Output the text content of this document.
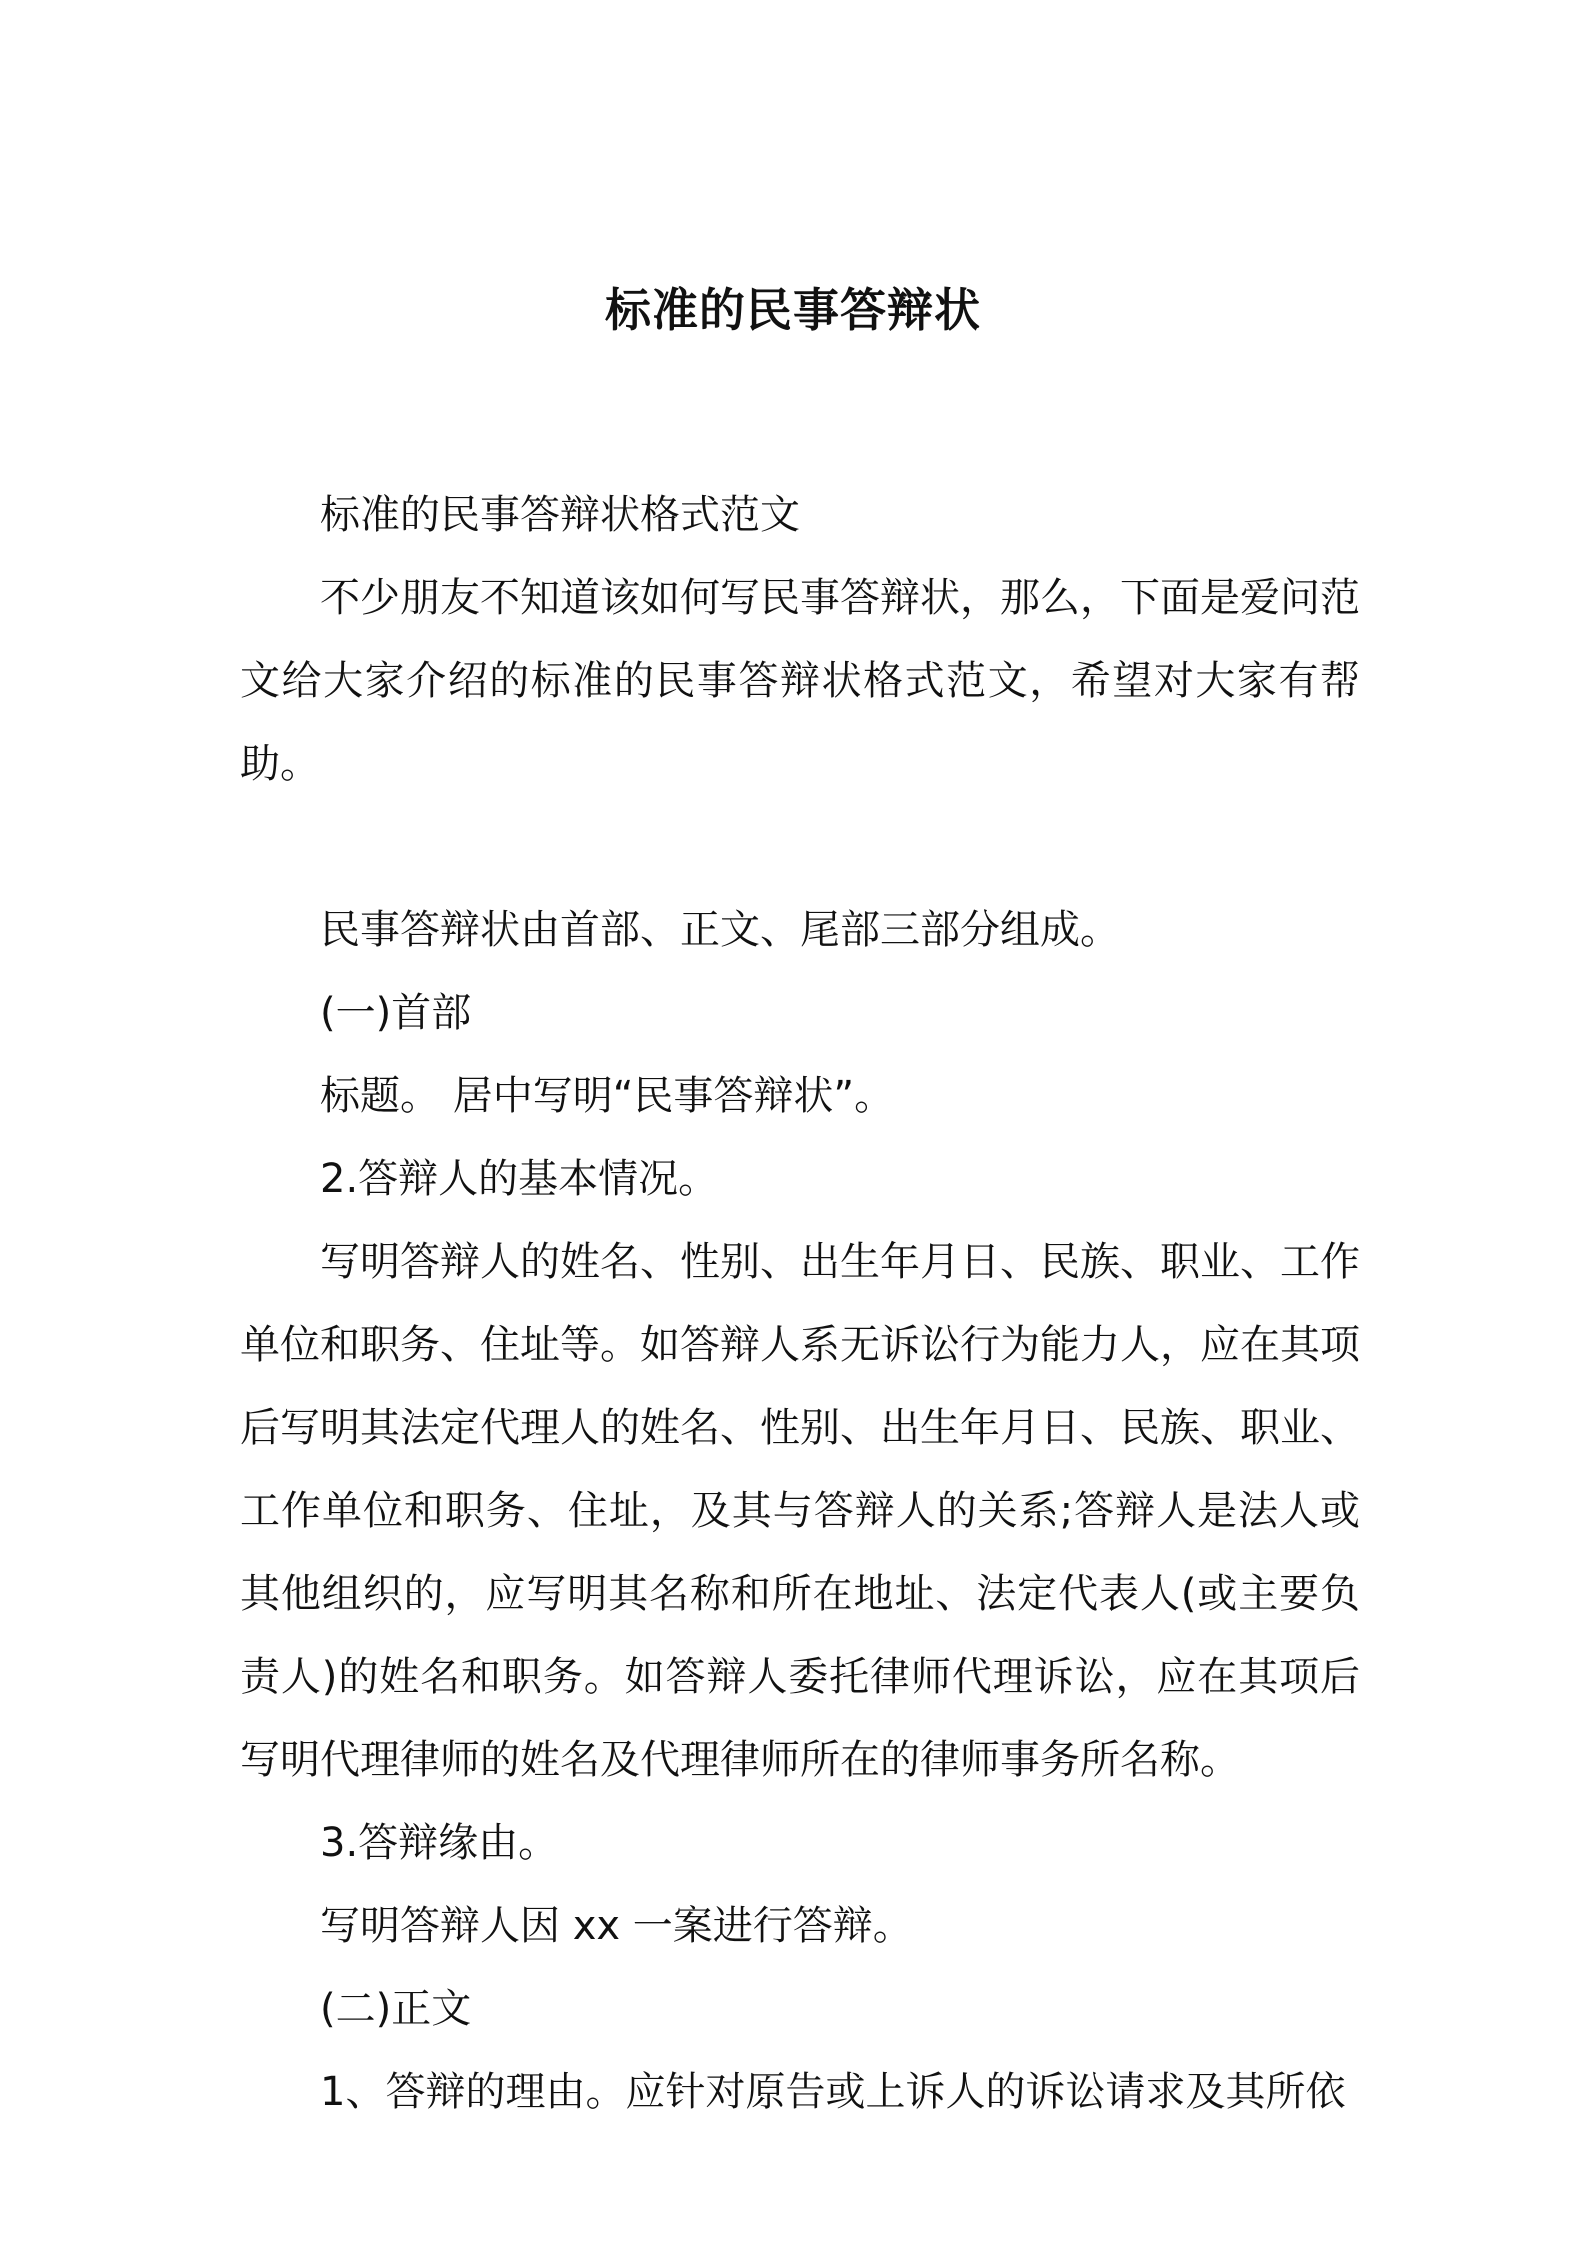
标准的民事答辩状

标准的民事答辩状格式范文

不少朋友不知道该如何写民事答辩状，那么，下面是爱问范文给大家介绍的标准的民事答辩状格式范文，希望对大家有帮助。

民事答辩状由首部、正文、尾部三部分组成。

(一)首部

标题。 居中写明“民事答辩状”。

2.答辩人的基本情况。

写明答辩人的姓名、性别、出生年月日、民族、职业、工作单位和职务、住址等。如答辩人系无诉讼行为能力人，应在其项后写明其法定代理人的姓名、性别、出生年月日、民族、职业、工作单位和职务、住址，及其与答辩人的关系;答辩人是法人或其他组织的，应写明其名称和所在地址、法定代表人(或主要负责人)的姓名和职务。如答辩人委托律师代理诉讼，应在其项后写明代理律师的姓名及代理律师所在的律师事务所名称。

3.答辩缘由。

写明答辩人因 xx 一案进行答辩。

(二)正文

1、答辩的理由。应针对原告或上诉人的诉讼请求及其所依
